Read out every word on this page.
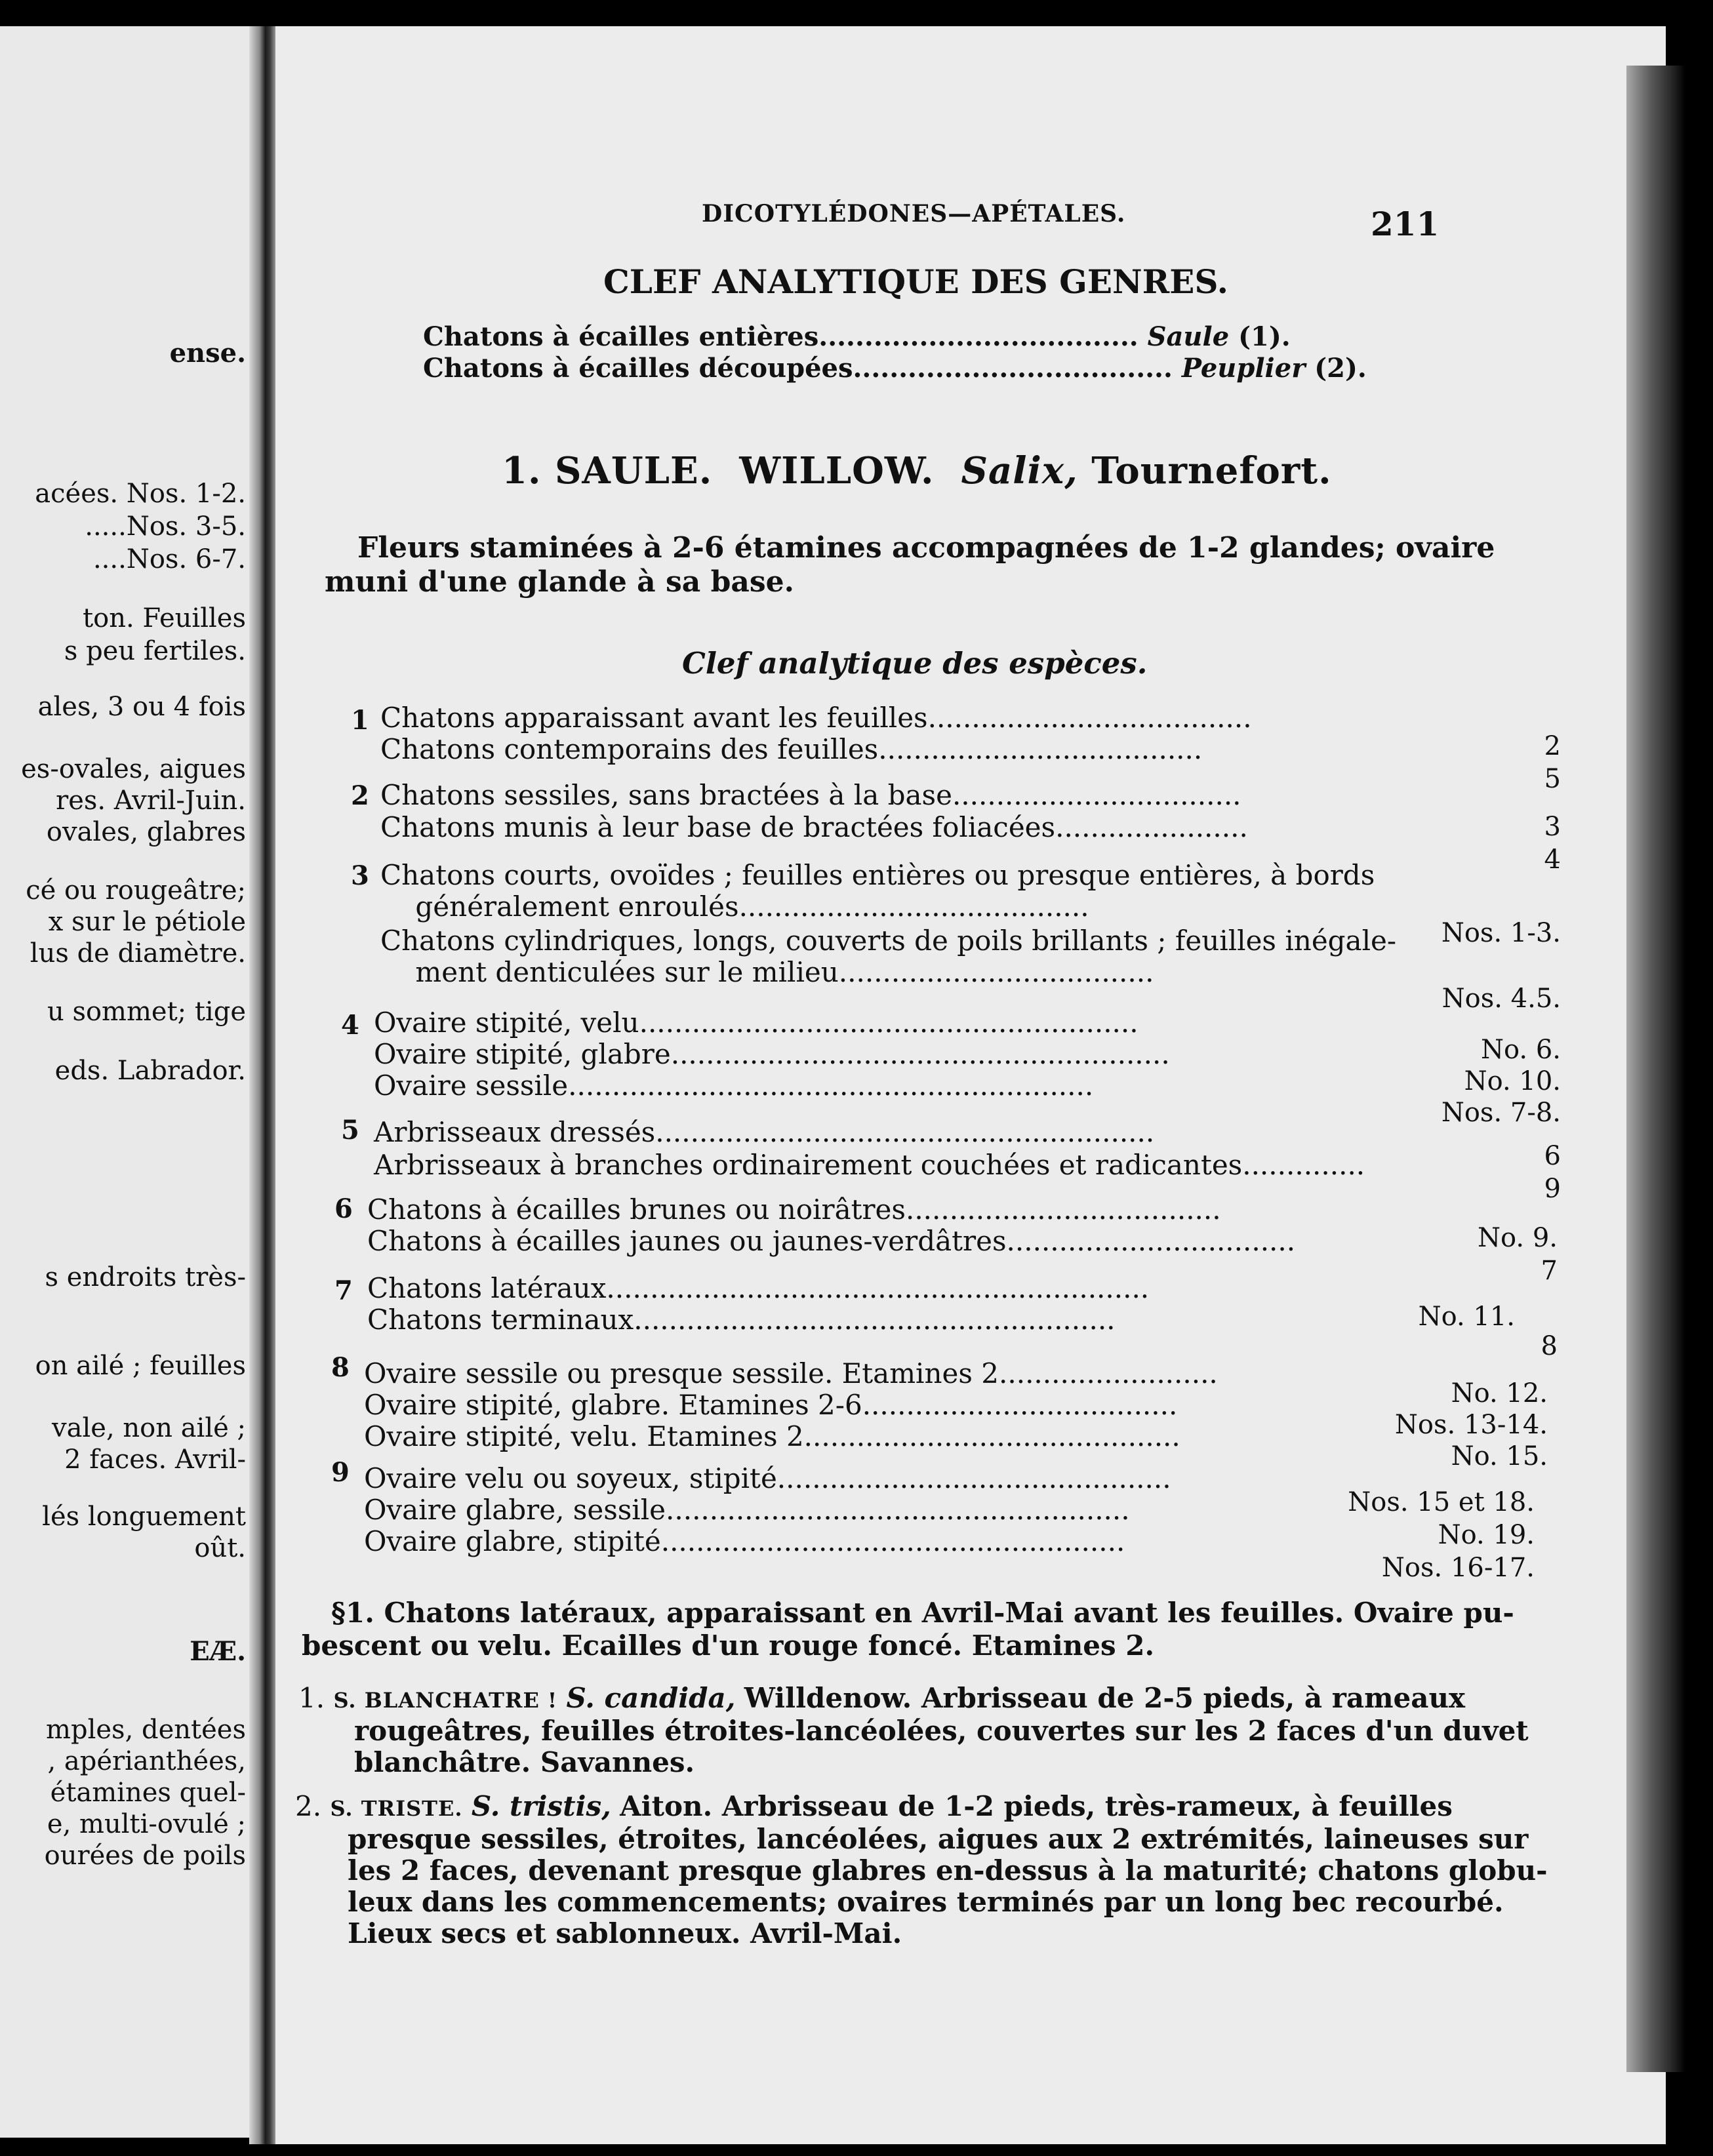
ense.
acées. Nos. 1-2.
.....Nos. 3-5.
....Nos. 6-7.
ton. Feuilles
s peu fertiles.
ales, 3 ou 4 fois
es-ovales, aigues
res. Avril-Juin.
ovales, glabres
cé ou rougeâtre;
x sur le pétiole
lus de diamètre.
u sommet; tige
eds. Labrador.
s endroits très-
on ailé ; feuilles
vale, non ailé ;
2 faces. Avril-
lés longuement
oût.
EÆ.
mples, dentées
, apérianthées,
étamines quel-
e, multi-ovulé ;
ourées de poils
DICOTYLÉDONES—APÉTALES.	211
CLEF ANALYTIQUE DES GENRES.
Chatons à écailles entières................................... Saule (1).
Chatons à écailles découpées................................... Peuplier (2).
1. SAULE. WILLOW. Salix, Tournefort.
Fleurs staminées à 2-6 étamines accompagnées de 1-2 glandes; ovaire
muni d'une glande à sa base.
Clef analytique des espèces.
1 Chatons apparaissant avant les feuilles.....................................
2
Chatons contemporains des feuilles.....................................
5
2 Chatons sessiles, sans bractées à la base.................................
3
Chatons munis à leur base de bractées foliacées......................
4
3 Chatons courts, ovoïdes ; feuilles entières ou presque entières, à bords
généralement enroulés........................................
Nos. 1-3.
Chatons cylindriques, longs, couverts de poils brillants ; feuilles inégale-
ment denticulées sur le milieu....................................
Nos. 4.5.
4 Ovaire stipité, velu.........................................................
No. 6.
Ovaire stipité, glabre.........................................................
No. 10.
Ovaire sessile............................................................
Nos. 7-8.
5 Arbrisseaux dressés.........................................................
6
Arbrisseaux à branches ordinairement couchées et radicantes..............
9
6 Chatons à écailles brunes ou noirâtres....................................
No. 9.
Chatons à écailles jaunes ou jaunes-verdâtres.................................
7
7 Chatons latéraux..............................................................
8
Chatons terminaux.......................................................	No. 11.
8 Ovaire sessile ou presque sessile. Etamines 2.........................
No. 12.
Ovaire stipité, glabre. Etamines 2-6....................................
Nos. 13-14.
Ovaire stipité, velu. Etamines 2...........................................
No. 15.
9 Ovaire velu ou soyeux, stipité.............................................
Nos. 15 et 18.
Ovaire glabre, sessile.....................................................
No. 19.
Ovaire glabre, stipité.....................................................
Nos. 16-17.
§1. Chatons latéraux, apparaissant en Avril-Mai avant les feuilles. Ovaire pu-
bescent ou velu. Ecailles d'un rouge foncé. Etamines 2.
1. S. BLANCHATRE ! S. candida, Willdenow. Arbrisseau de 2-5 pieds, à rameaux
rougeâtres, feuilles étroites-lancéolées, couvertes sur les 2 faces d'un duvet
blanchâtre. Savannes.
2. S. TRISTE. S. tristis, Aiton. Arbrisseau de 1-2 pieds, très-rameux, à feuilles
presque sessiles, étroites, lancéolées, aigues aux 2 extrémités, laineuses sur
les 2 faces, devenant presque glabres en-dessus à la maturité; chatons globu-
leux dans les commencements; ovaires terminés par un long bec recourbé.
Lieux secs et sablonneux. Avril-Mai.
